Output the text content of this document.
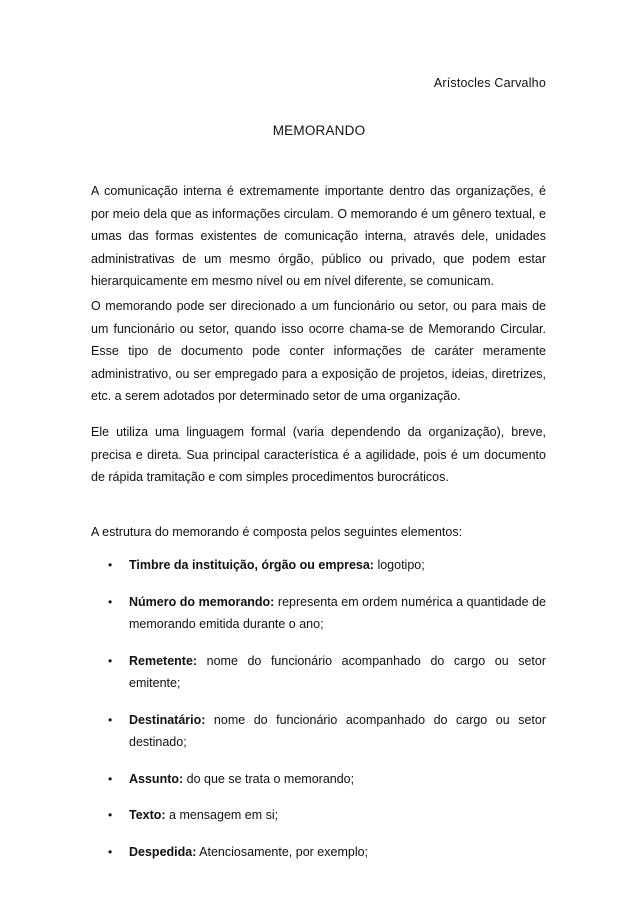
Arístocles Carvalho
MEMORANDO

A comunicação interna é extremamente importante dentro das organizações, é por meio dela que as informações circulam. O memorando é um gênero textual, e umas das formas existentes de comunicação interna, através dele, unidades administrativas de um mesmo órgão, público ou privado, que podem estar hierarquicamente em mesmo nível ou em nível diferente, se comunicam.

O memorando pode ser direcionado a um funcionário ou setor, ou para mais de um funcionário ou setor, quando isso ocorre chama-se de Memorando Circular. Esse tipo de documento pode conter informações de caráter meramente administrativo, ou ser empregado para a exposição de projetos, ideias, diretrizes, etc. a serem adotados por determinado setor de uma organização.

Ele utiliza uma linguagem formal (varia dependendo da organização), breve, precisa e direta. Sua principal característica é a agilidade, pois é um documento de rápida tramitação e com simples procedimentos burocráticos.

A estrutura do memorando é composta pelos seguintes elementos:

• Timbre da instituição, órgão ou empresa: logotipo;
• Número do memorando: representa em ordem numérica a quantidade de memorando emitida durante o ano;
• Remetente: nome do funcionário acompanhado do cargo ou setor emitente;
• Destinatário: nome do funcionário acompanhado do cargo ou setor destinado;
• Assunto: do que se trata o memorando;
• Texto: a mensagem em si;
• Despedida: Atenciosamente, por exemplo;
